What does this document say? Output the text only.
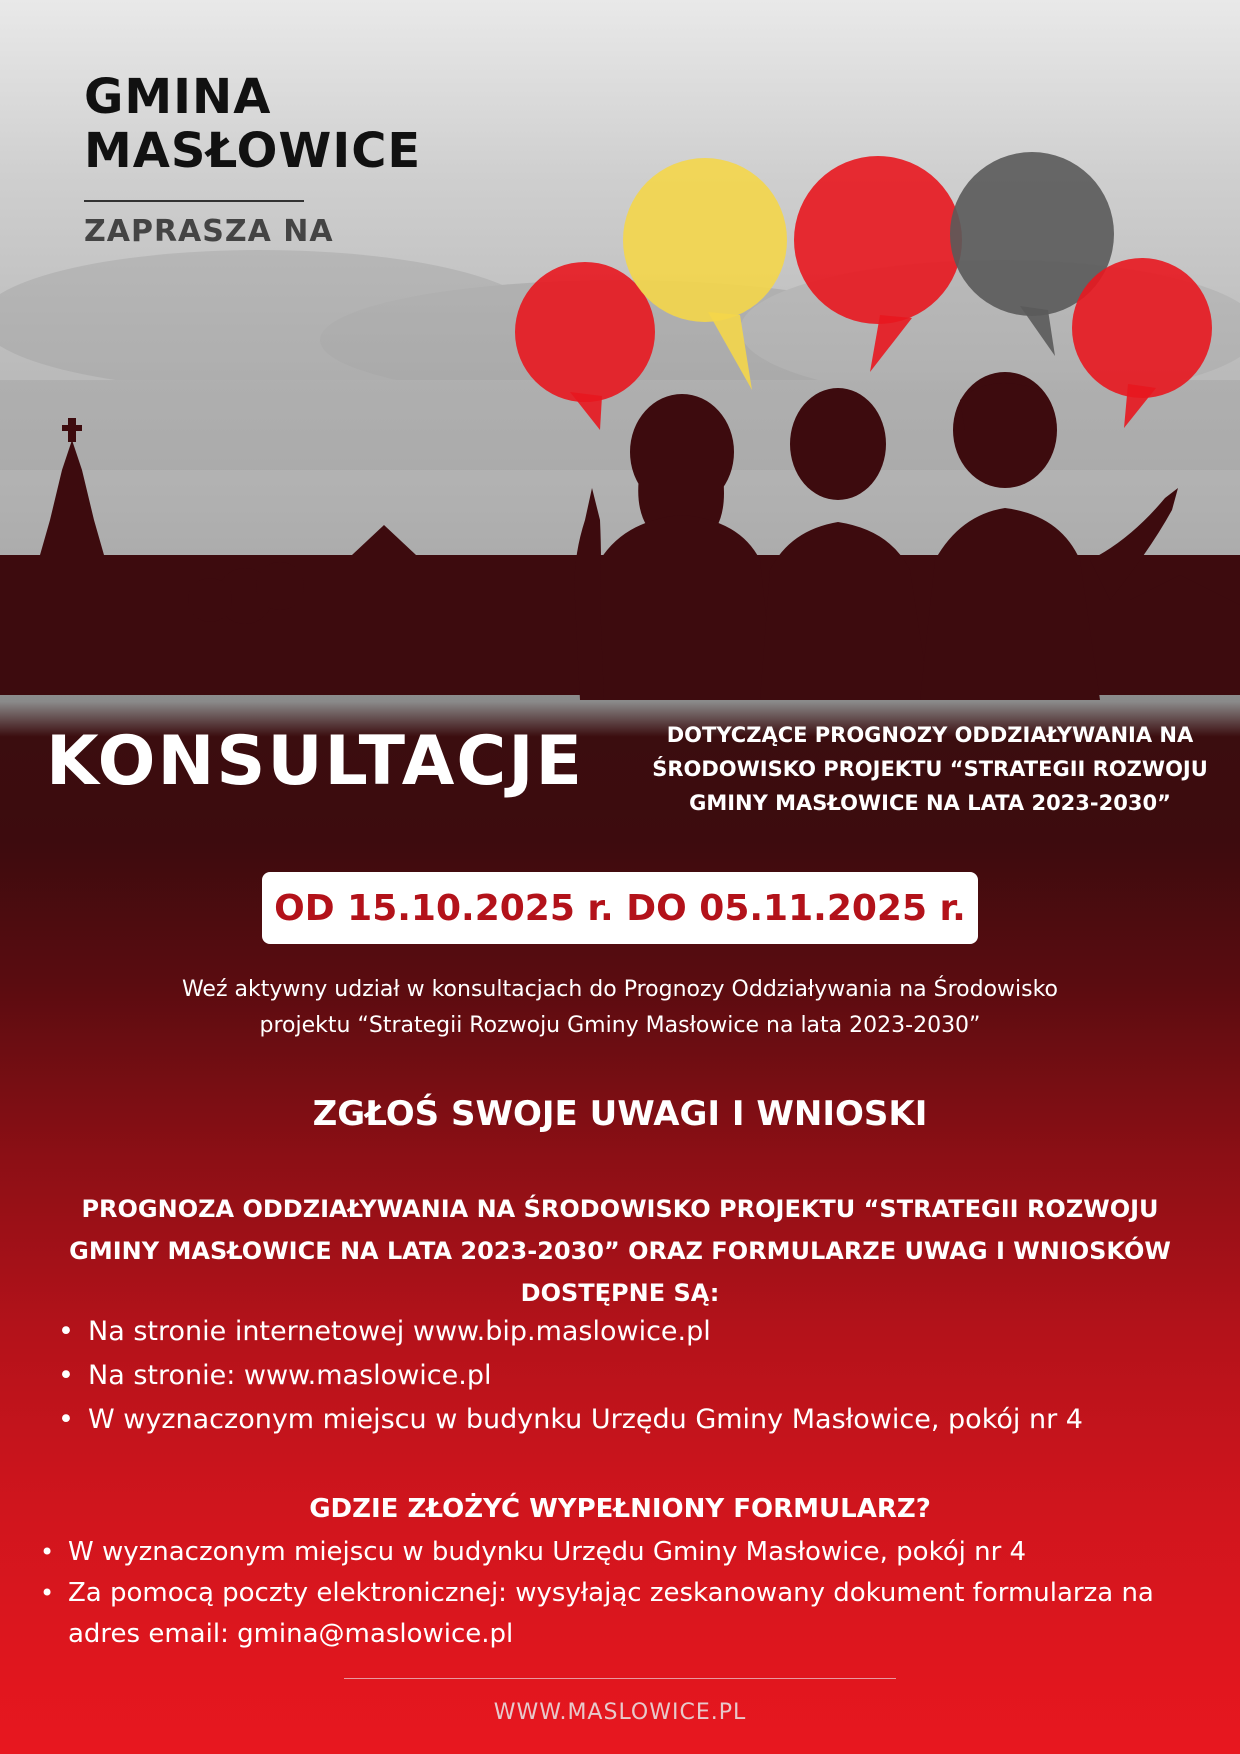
GMINA
MASŁOWICE
ZAPRASZA NA
KONSULTACJE	DOTYCZĄCE PROGNOZY ODDZIAŁYWANIA NA
ŚRODOWISKO PROJEKTU “STRATEGII ROZWOJU
GMINY MASŁOWICE NA LATA 2023-2030”
OD 15.10.2025 r. DO 05.11.2025 r.
Weź aktywny udział w konsultacjach do Prognozy Oddziaływania na Środowisko
projektu “Strategii Rozwoju Gminy Masłowice na lata 2023-2030”
ZGŁOŚ SWOJE UWAGI I WNIOSKI
PROGNOZA ODDZIAŁYWANIA NA ŚRODOWISKO PROJEKTU “STRATEGII ROZWOJU
GMINY MASŁOWICE NA LATA 2023-2030” ORAZ FORMULARZE UWAG I WNIOSKÓW
DOSTĘPNE SĄ:
• Na stronie internetowej www.bip.maslowice.pl
• Na stronie: www.maslowice.pl
• W wyznaczonym miejscu w budynku Urzędu Gminy Masłowice, pokój nr 4
GDZIE ZŁOŻYĆ WYPEŁNIONY FORMULARZ?
• W wyznaczonym miejscu w budynku Urzędu Gminy Masłowice, pokój nr 4
• Za pomocą poczty elektronicznej: wysyłając zeskanowany dokument formularza na adres email: gmina@maslowice.pl
WWW.MASLOWICE.PL
